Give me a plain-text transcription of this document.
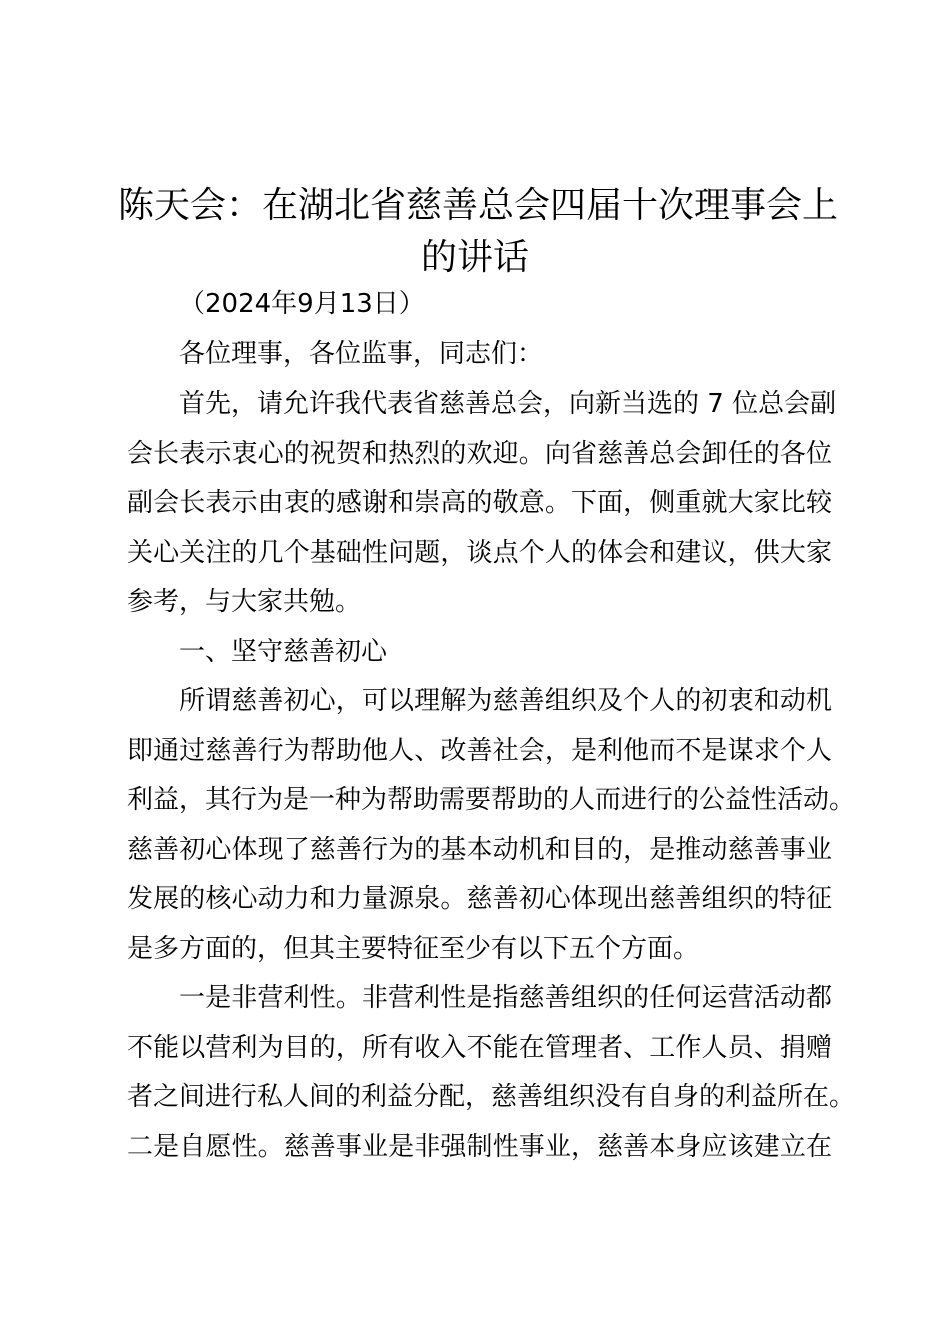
陈天会：在湖北省慈善总会四届十次理事会上
的讲话

（2024年9月13日）

各位理事，各位监事，同志们：

首先，请允许我代表省慈善总会，向新当选的 7 位总会副
会长表示衷心的祝贺和热烈的欢迎。向省慈善总会卸任的各位
副会长表示由衷的感谢和崇高的敬意。下面，侧重就大家比较
关心关注的几个基础性问题，谈点个人的体会和建议，供大家
参考，与大家共勉。

一、坚守慈善初心

所谓慈善初心，可以理解为慈善组织及个人的初衷和动机
即通过慈善行为帮助他人、改善社会，是利他而不是谋求个人
利益，其行为是一种为帮助需要帮助的人而进行的公益性活动。
慈善初心体现了慈善行为的基本动机和目的，是推动慈善事业
发展的核心动力和力量源泉。慈善初心体现出慈善组织的特征
是多方面的，但其主要特征至少有以下五个方面。

一是非营利性。非营利性是指慈善组织的任何运营活动都
不能以营利为目的，所有收入不能在管理者、工作人员、捐赠
者之间进行私人间的利益分配，慈善组织没有自身的利益所在。
二是自愿性。慈善事业是非强制性事业，慈善本身应该建立在
